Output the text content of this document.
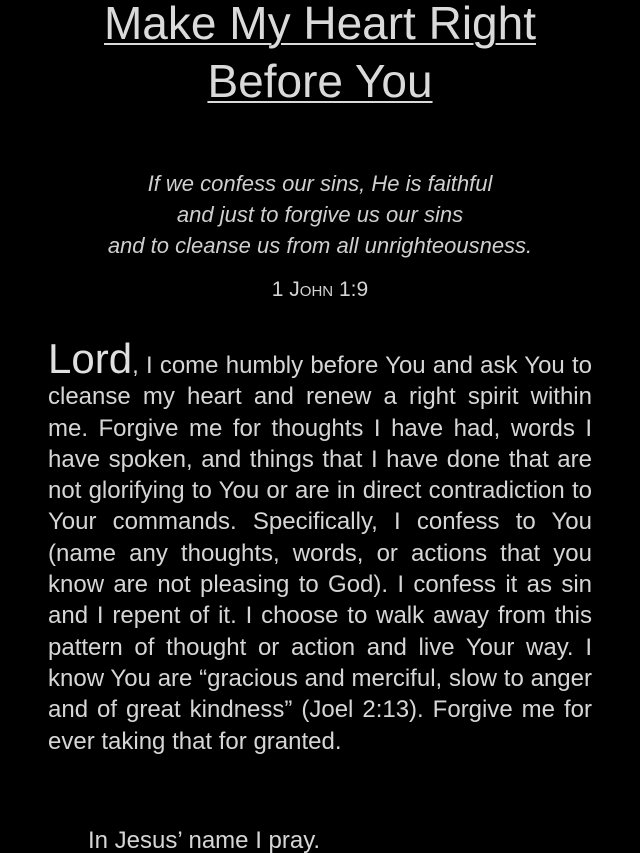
Make My Heart Right
Before You
If we confess our sins, He is faithful
and just to forgive us our sins
and to cleanse us from all unrighteousness.
1 John 1:9
Lord, I come humbly before You and ask You to cleanse my heart and renew a right spirit within me. Forgive me for thoughts I have had, words I have spoken, and things that I have done that are not glorifying to You or are in direct contradiction to Your commands. Specifically, I confess to You (name any thoughts, words, or actions that you know are not pleasing to God). I confess it as sin and I repent of it. I choose to walk away from this pattern of thought or action and live Your way. I know You are “gracious and merciful, slow to anger and of great kindness” (Joel 2:13). Forgive me for ever taking that for granted.
In Jesus’ name I pray.
